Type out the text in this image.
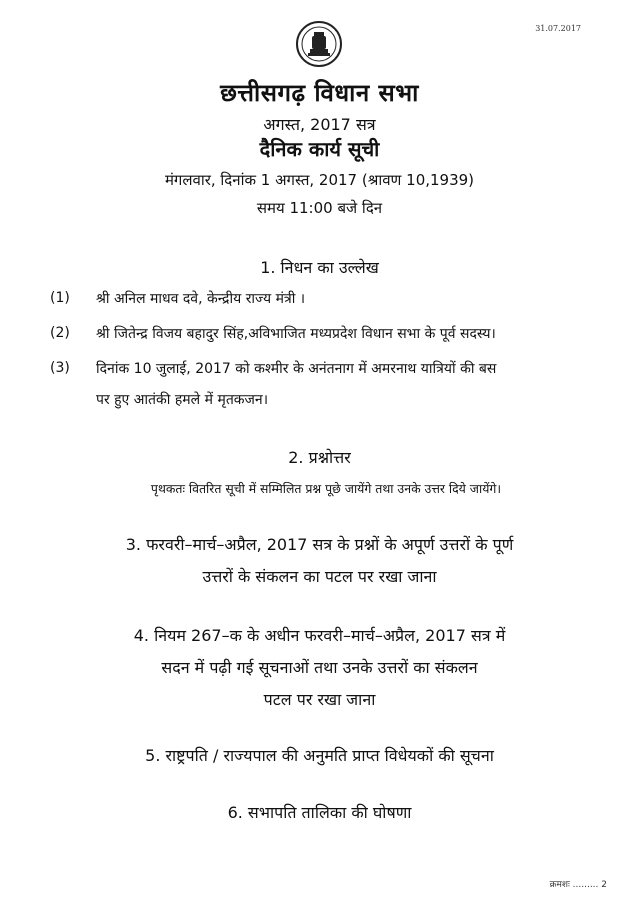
31.07.2017
छत्तीसगढ़ विधान सभा
अगस्त, 2017 सत्र
दैनिक कार्य सूची
मंगलवार, दिनांक 1 अगस्त, 2017 (श्रावण 10,1939)
समय 11:00 बजे दिन
1. निधन का उल्लेख
(1) श्री अनिल माधव दवे, केन्द्रीय राज्य मंत्री ।
(2) श्री जितेन्द्र विजय बहादुर सिंह,अविभाजित मध्यप्रदेश विधान सभा के पूर्व सदस्य।
(3) दिनांक 10 जुलाई, 2017 को कश्मीर के अनंतनाग में अमरनाथ यात्रियों की बस
पर हुए आतंकी हमले में मृतकजन।
2. प्रश्नोत्तर
पृथकतः वितरित सूची में सम्मिलित प्रश्न पूछे जायेंगे तथा उनके उत्तर दिये जायेंगे।
3. फरवरी–मार्च–अप्रैल, 2017 सत्र के प्रश्नों के अपूर्ण उत्तरों के पूर्ण
उत्तरों के संकलन का पटल पर रखा जाना
4. नियम 267–क के अधीन फरवरी–मार्च–अप्रैल, 2017 सत्र में
सदन में पढ़ी गई सूचनाओं तथा उनके उत्तरों का संकलन
पटल पर रखा जाना
5. राष्ट्रपति / राज्यपाल की अनुमति प्राप्त विधेयकों की सूचना
6. सभापति तालिका की घोषणा
क्रमशः ......... 2
